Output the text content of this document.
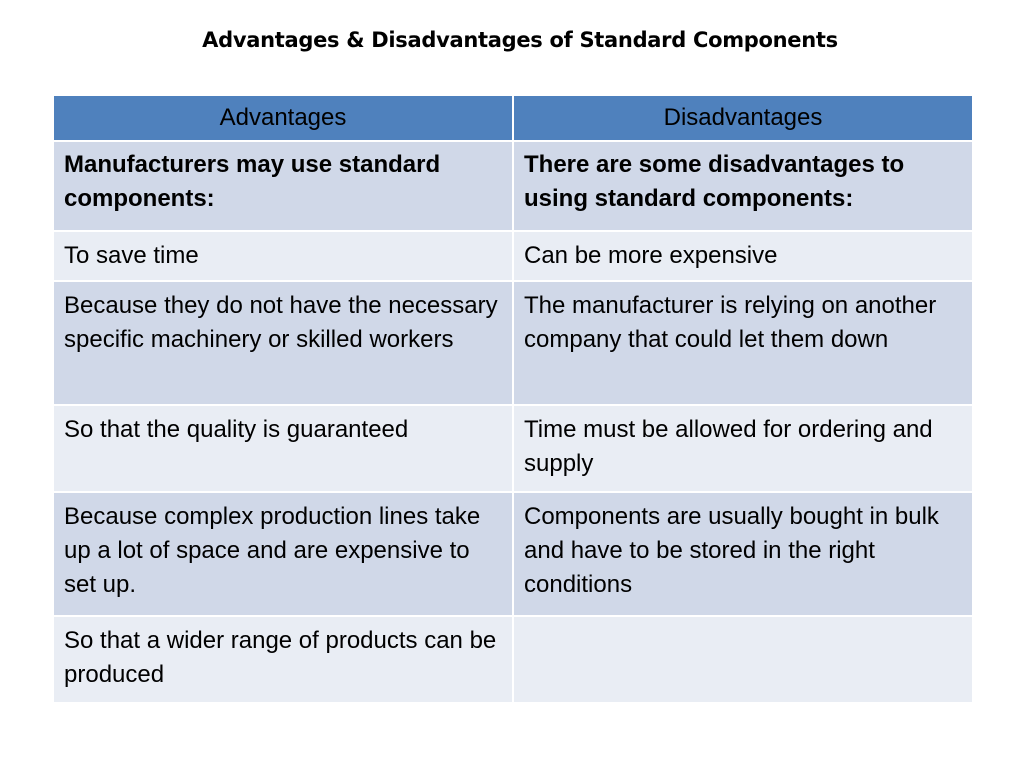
Advantages & Disadvantages of Standard Components
Advantages	Disadvantages
Manufacturers may use standard components:	There are some disadvantages to using standard components:
To save time	Can be more expensive
Because they do not have the necessary specific machinery or skilled workers	The manufacturer is relying on another company that could let them down
So that the quality is guaranteed	Time must be allowed for ordering and supply
Because complex production lines take up a lot of space and are expensive to set up.	Components are usually bought in bulk and have to be stored in the right conditions
So that a wider range of products can be produced	
